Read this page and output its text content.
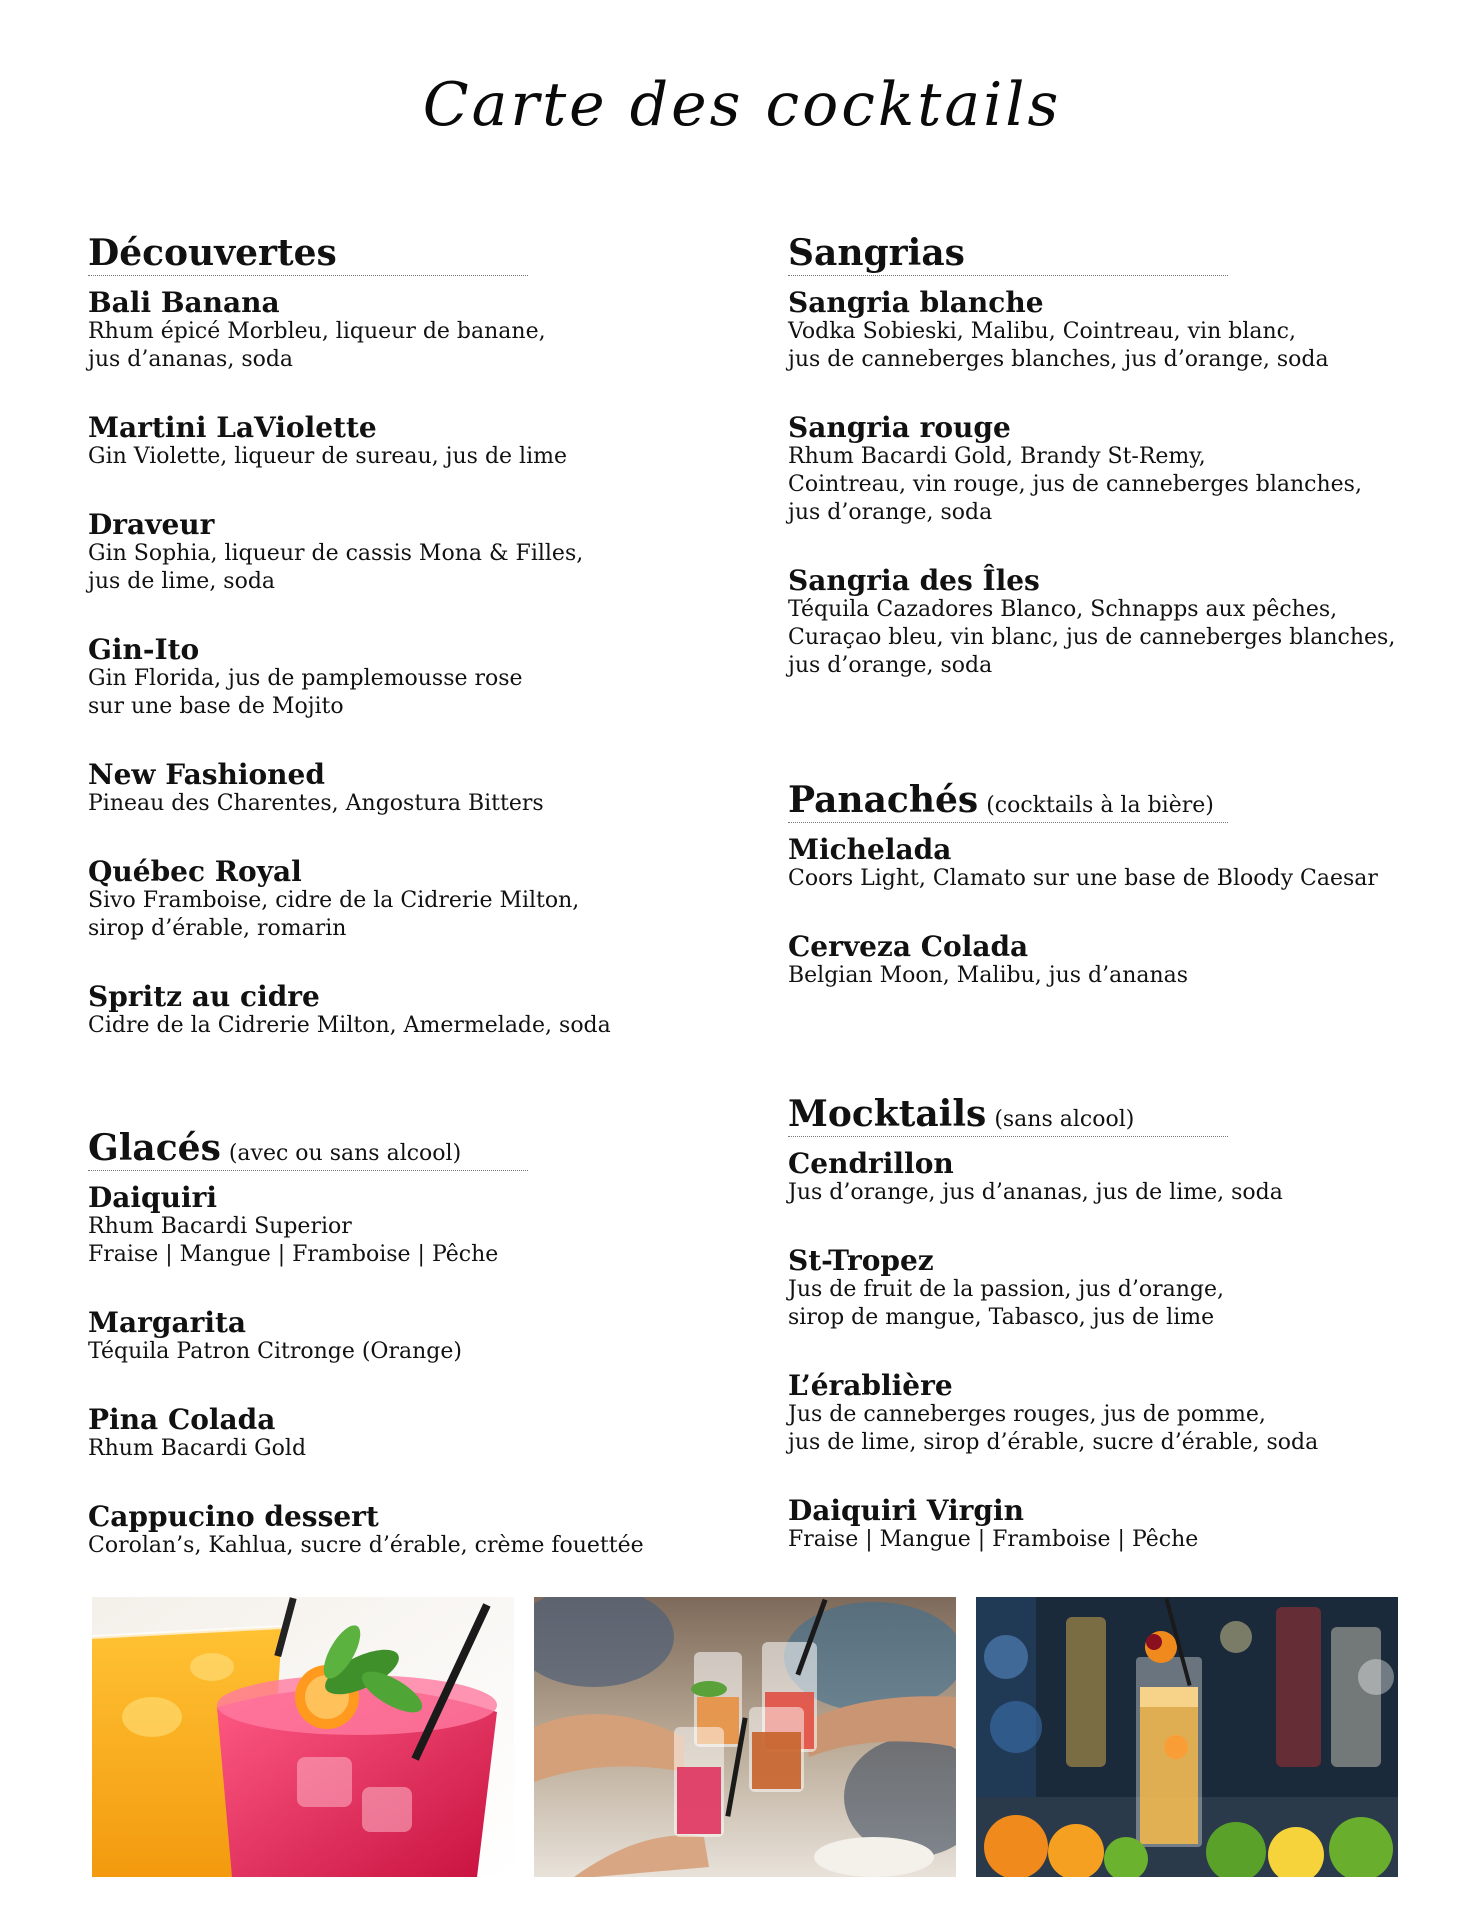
Carte des cocktails
Découvertes
Bali Banana
Rhum épicé Morbleu, liqueur de banane,
jus d’ananas, soda
Martini LaViolette
Gin Violette, liqueur de sureau, jus de lime
Draveur
Gin Sophia, liqueur de cassis Mona & Filles,
jus de lime, soda
Gin-Ito
Gin Florida, jus de pamplemousse rose
sur une base de Mojito
New Fashioned
Pineau des Charentes, Angostura Bitters
Québec Royal
Sivo Framboise, cidre de la Cidrerie Milton,
sirop d’érable, romarin
Spritz au cidre
Cidre de la Cidrerie Milton, Amermelade, soda
Glacés (avec ou sans alcool)
Daiquiri
Rhum Bacardi Superior
Fraise | Mangue | Framboise | Pêche
Margarita
Téquila Patron Citronge (Orange)
Pina Colada
Rhum Bacardi Gold
Cappucino dessert
Corolan’s, Kahlua, sucre d’érable, crème fouettée
Sangrias
Sangria blanche
Vodka Sobieski, Malibu, Cointreau, vin blanc,
jus de canneberges blanches, jus d’orange, soda
Sangria rouge
Rhum Bacardi Gold, Brandy St-Remy,
Cointreau, vin rouge, jus de canneberges blanches,
jus d’orange, soda
Sangria des Îles
Téquila Cazadores Blanco, Schnapps aux pêches,
Curaçao bleu, vin blanc, jus de canneberges blanches,
jus d’orange, soda
Panachés (cocktails à la bière)
Michelada
Coors Light, Clamato sur une base de Bloody Caesar
Cerveza Colada
Belgian Moon, Malibu, jus d’ananas
Mocktails (sans alcool)
Cendrillon
Jus d’orange, jus d’ananas, jus de lime, soda
St-Tropez
Jus de fruit de la passion, jus d’orange,
sirop de mangue, Tabasco, jus de lime
L’érablière
Jus de canneberges rouges, jus de pomme,
jus de lime, sirop d’érable, sucre d’érable, soda
Daiquiri Virgin
Fraise | Mangue | Framboise | Pêche
